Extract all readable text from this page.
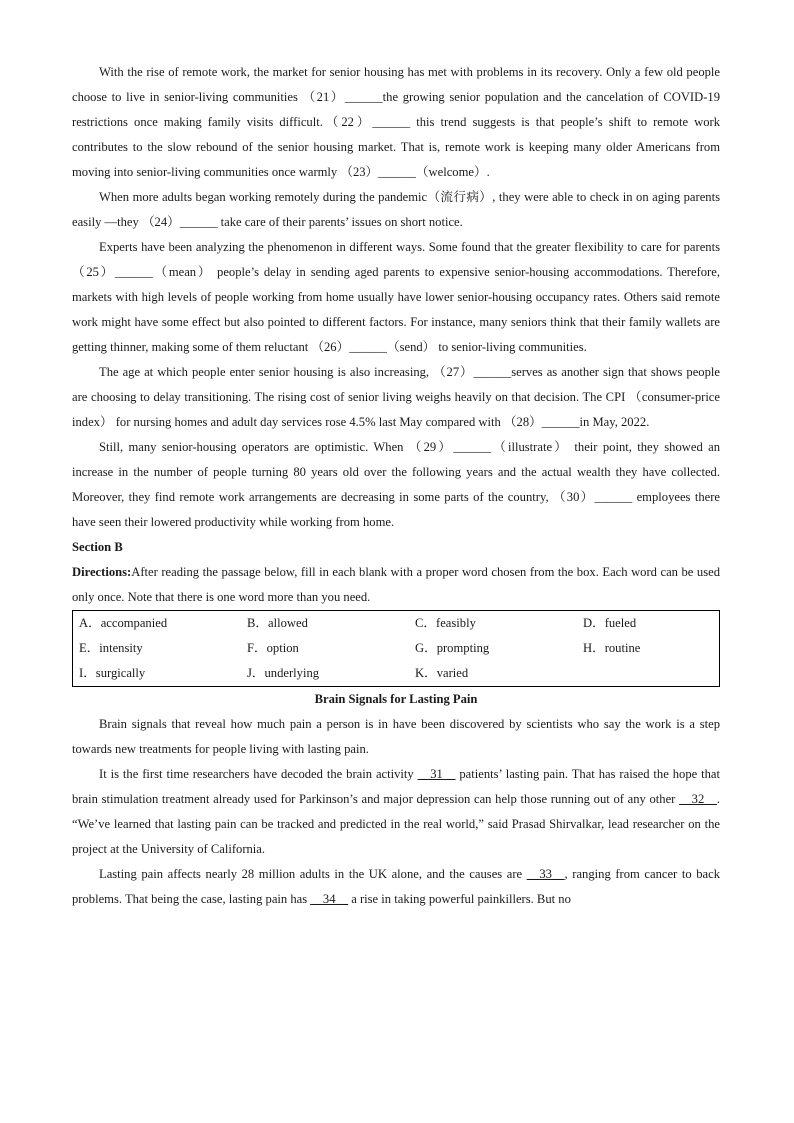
With the rise of remote work, the market for senior housing has met with problems in its recovery. Only a few old people choose to live in senior-living communities （21）______the growing senior population and the cancelation of COVID-19 restrictions once making family visits difficult.（22）______ this trend suggests is that people’s shift to remote work contributes to the slow rebound of the senior housing market. That is, remote work is keeping many older Americans from moving into senior-living communities once warmly （23）______（welcome）.

When more adults began working remotely during the pandemic（流行病）, they were able to check in on aging parents easily —they （24）______ take care of their parents’ issues on short notice.

Experts have been analyzing the phenomenon in different ways. Some found that the greater flexibility to care for parents （25）______（mean） people’s delay in sending aged parents to expensive senior-housing accommodations. Therefore, markets with high levels of people working from home usually have lower senior-housing occupancy rates. Others said remote work might have some effect but also pointed to different factors. For instance, many seniors think that their family wallets are getting thinner, making some of them reluctant （26）______（send） to senior-living communities.

The age at which people enter senior housing is also increasing, （27）______serves as another sign that shows people are choosing to delay transitioning. The rising cost of senior living weighs heavily on that decision. The CPI （consumer-price index） for nursing homes and adult day services rose 4.5% last May compared with （28）______in May, 2022.

Still, many senior-housing operators are optimistic. When （29）______（illustrate） their point, they showed an increase in the number of people turning 80 years old over the following years and the actual wealth they have collected. Moreover, they find remote work arrangements are decreasing in some parts of the country, （30）______ employees there have seen their lowered productivity while working from home.

Section B

Directions:After reading the passage below, fill in each blank with a proper word chosen from the box. Each word can be used only once. Note that there is one word more than you need.

A．accompanied	B．allowed	C．feasibly	D．fueled
E．intensity	F．option	G．prompting	H．routine
I．surgically	J．underlying	K．varied

Brain Signals for Lasting Pain

Brain signals that reveal how much pain a person is in have been discovered by scientists who say the work is a step towards new treatments for people living with lasting pain.

It is the first time researchers have decoded the brain activity __31__ patients’ lasting pain. That has raised the hope that brain stimulation treatment already used for Parkinson’s and major depression can help those running out of any other __32__. “We’ve learned that lasting pain can be tracked and predicted in the real world,” said Prasad Shirvalkar, lead researcher on the project at the University of California.

Lasting pain affects nearly 28 million adults in the UK alone, and the causes are __33__, ranging from cancer to back problems. That being the case, lasting pain has __34__ a rise in taking powerful painkillers. But no
